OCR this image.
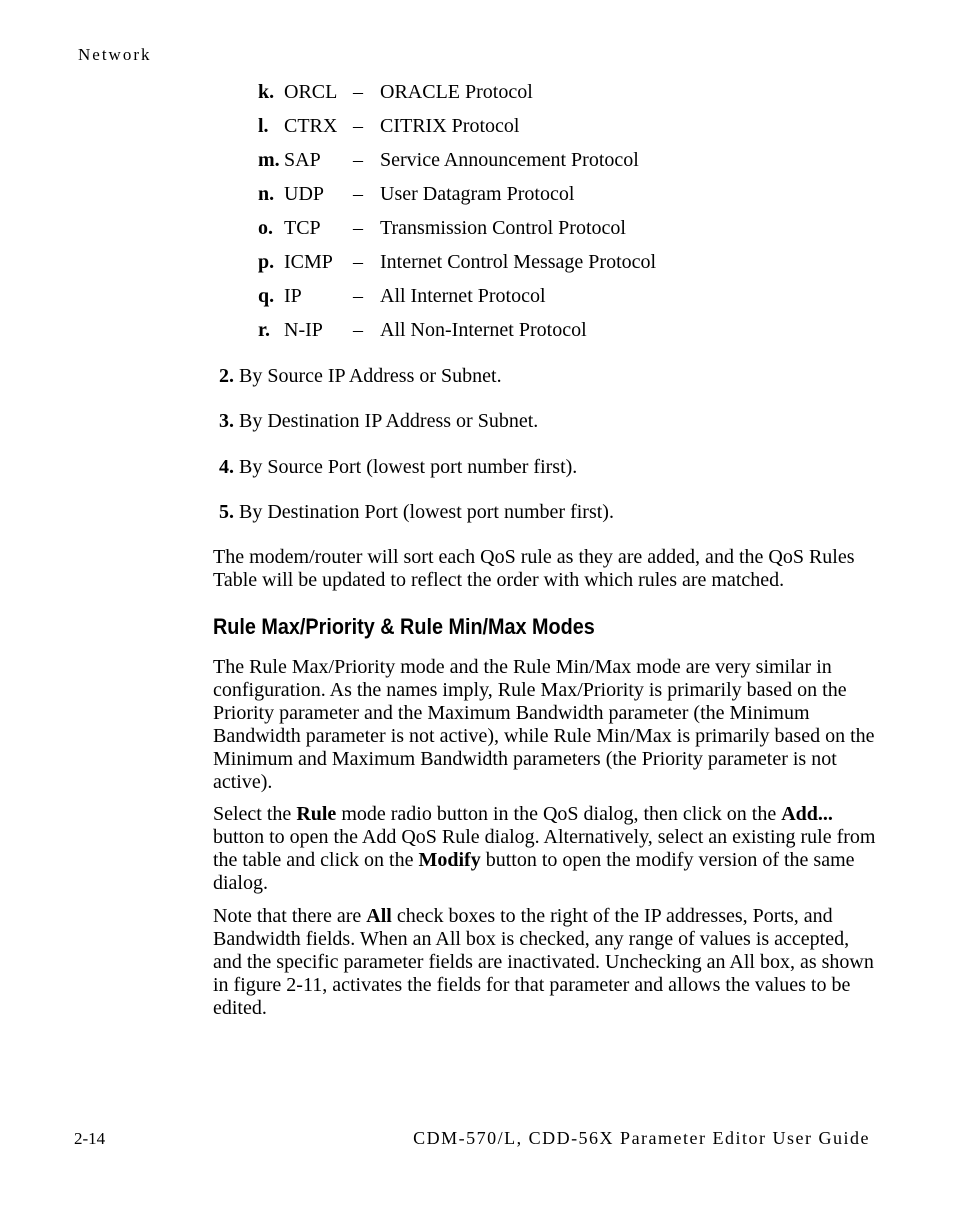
Network
k. ORCL – ORACLE Protocol
l. CTRX – CITRIX Protocol
m. SAP – Service Announcement Protocol
n. UDP – User Datagram Protocol
o. TCP – Transmission Control Protocol
p. ICMP – Internet Control Message Protocol
q. IP	– All Internet Protocol
r. N-IP – All Non-Internet Protocol
2. By Source IP Address or Subnet.
3. By Destination IP Address or Subnet.
4. By Source Port (lowest port number first).
5. By Destination Port (lowest port number first).

The modem/router will sort each QoS rule as they are added, and the QoS Rules Table will be updated to reflect the order with which rules are matched.

Rule Max/Priority & Rule Min/Max Modes

The Rule Max/Priority mode and the Rule Min/Max mode are very similar in configuration. As the names imply, Rule Max/Priority is primarily based on the Priority parameter and the Maximum Bandwidth parameter (the Minimum Bandwidth parameter is not active), while Rule Min/Max is primarily based on the Minimum and Maximum Bandwidth parameters (the Priority parameter is not active).

Select the Rule mode radio button in the QoS dialog, then click on the Add... button to open the Add QoS Rule dialog. Alternatively, select an existing rule from the table and click on the Modify button to open the modify version of the same dialog.

Note that there are All check boxes to the right of the IP addresses, Ports, and Bandwidth fields. When an All box is checked, any range of values is accepted, and the specific parameter fields are inactivated. Unchecking an All box, as shown in figure 2-11, activates the fields for that parameter and allows the values to be edited.

2-14	CDM-570/L, CDD-56X Parameter Editor User Guide
